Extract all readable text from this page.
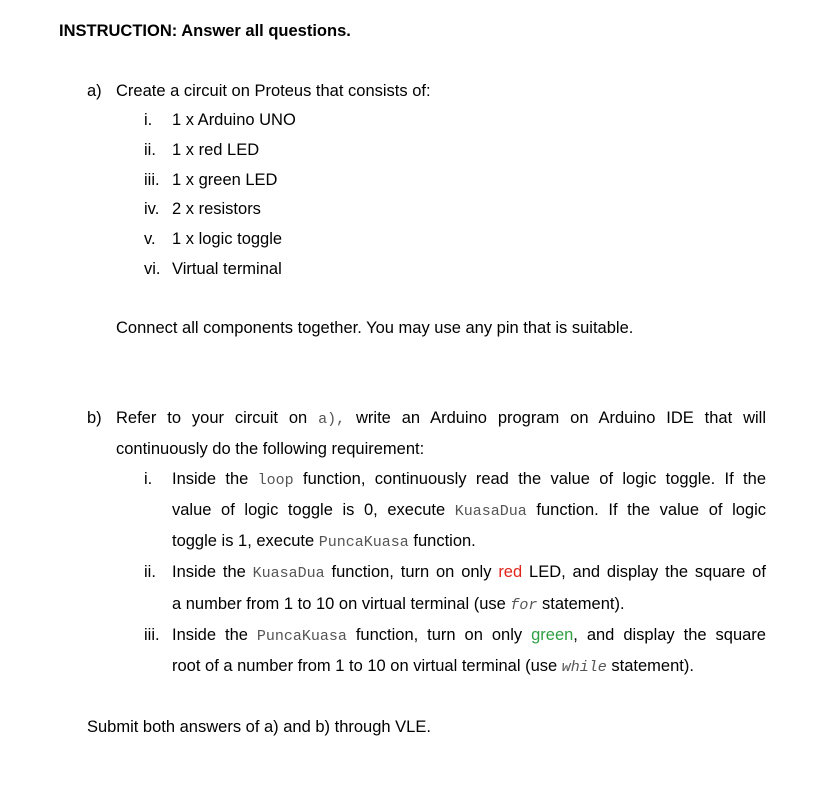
INSTRUCTION: Answer all questions.
a) Create a circuit on Proteus that consists of:
i. 1 x Arduino UNO
ii. 1 x red LED
iii. 1 x green LED
iv. 2 x resistors
v. 1 x logic toggle
vi. Virtual terminal
Connect all components together. You may use any pin that is suitable.
b) Refer to your circuit on a), write an Arduino program on Arduino IDE that will
continuously do the following requirement:
i. Inside the loop function, continuously read the value of logic toggle. If the
value of logic toggle is 0, execute KuasaDua function. If the value of logic
toggle is 1, execute PuncaKuasa function.
ii. Inside the KuasaDua function, turn on only red LED, and display the square of
a number from 1 to 10 on virtual terminal (use for statement).
iii. Inside the PuncaKuasa function, turn on only green, and display the square
root of a number from 1 to 10 on virtual terminal (use while statement).
Submit both answers of a) and b) through VLE.
